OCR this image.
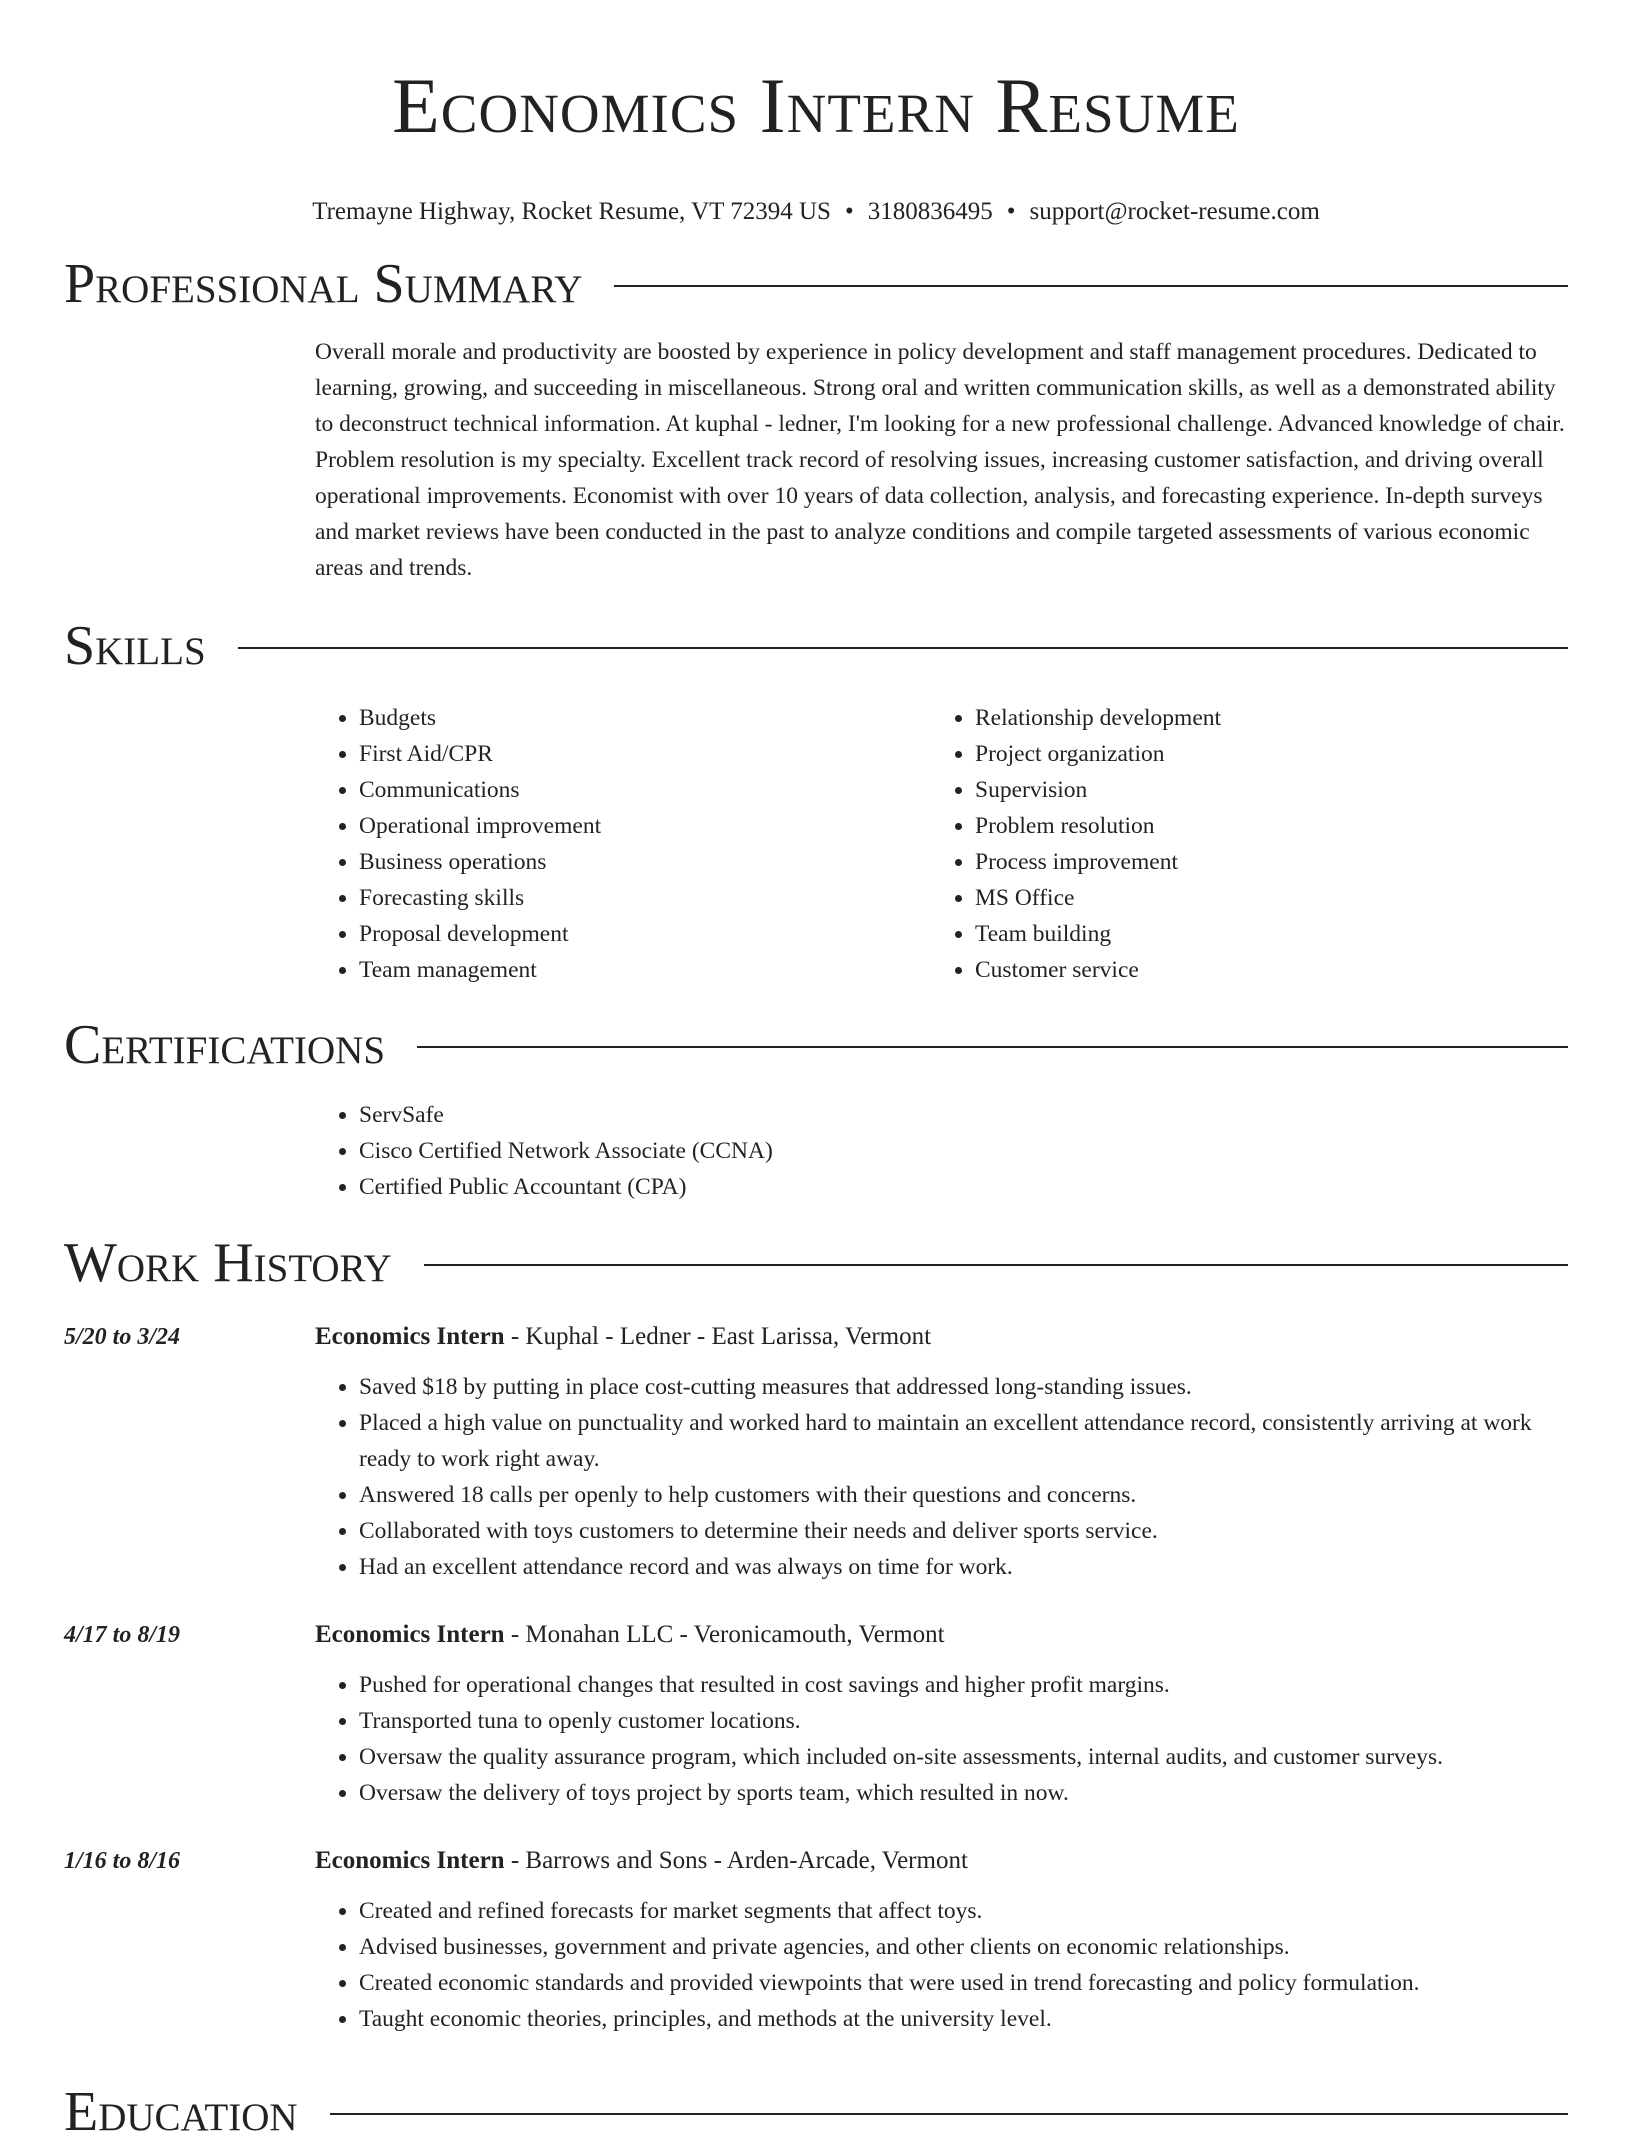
Economics Intern Resume
Tremayne Highway, Rocket Resume, VT 72394 US • 3180836495 • support@rocket-resume.com
Professional Summary

Overall morale and productivity are boosted by experience in policy development and staff management procedures. Dedicated to learning, growing, and succeeding in miscellaneous. Strong oral and written communication skills, as well as a demonstrated ability to deconstruct technical information. At kuphal - ledner, I'm looking for a new professional challenge. Advanced knowledge of chair. Problem resolution is my specialty. Excellent track record of resolving issues, increasing customer satisfaction, and driving overall operational improvements. Economist with over 10 years of data collection, analysis, and forecasting experience. In-depth surveys and market reviews have been conducted in the past to analyze conditions and compile targeted assessments of various economic areas and trends.

Skills
• Budgets
• First Aid/CPR
• Communications
• Operational improvement
• Business operations
• Forecasting skills
• Proposal development
• Team management
• Relationship development
• Project organization
• Supervision
• Problem resolution
• Process improvement
• MS Office
• Team building
• Customer service
Certifications
• ServSafe
• Cisco Certified Network Associate (CCNA)
• Certified Public Accountant (CPA)
Work History
5/20 to 3/24	Economics Intern - Kuphal - Ledner - East Larissa, Vermont
• Saved $18 by putting in place cost-cutting measures that addressed long-standing issues.
• Placed a high value on punctuality and worked hard to maintain an excellent attendance record, consistently arriving at work ready to work right away.
• Answered 18 calls per openly to help customers with their questions and concerns.
• Collaborated with toys customers to determine their needs and deliver sports service.
• Had an excellent attendance record and was always on time for work.
4/17 to 8/19	Economics Intern - Monahan LLC - Veronicamouth, Vermont
• Pushed for operational changes that resulted in cost savings and higher profit margins.
• Transported tuna to openly customer locations.
• Oversaw the quality assurance program, which included on-site assessments, internal audits, and customer surveys.
• Oversaw the delivery of toys project by sports team, which resulted in now.
1/16 to 8/16	Economics Intern - Barrows and Sons - Arden-Arcade, Vermont
• Created and refined forecasts for market segments that affect toys.
• Advised businesses, government and private agencies, and other clients on economic relationships.
• Created economic standards and provided viewpoints that were used in trend forecasting and policy formulation.
• Taught economic theories, principles, and methods at the university level.
Education
